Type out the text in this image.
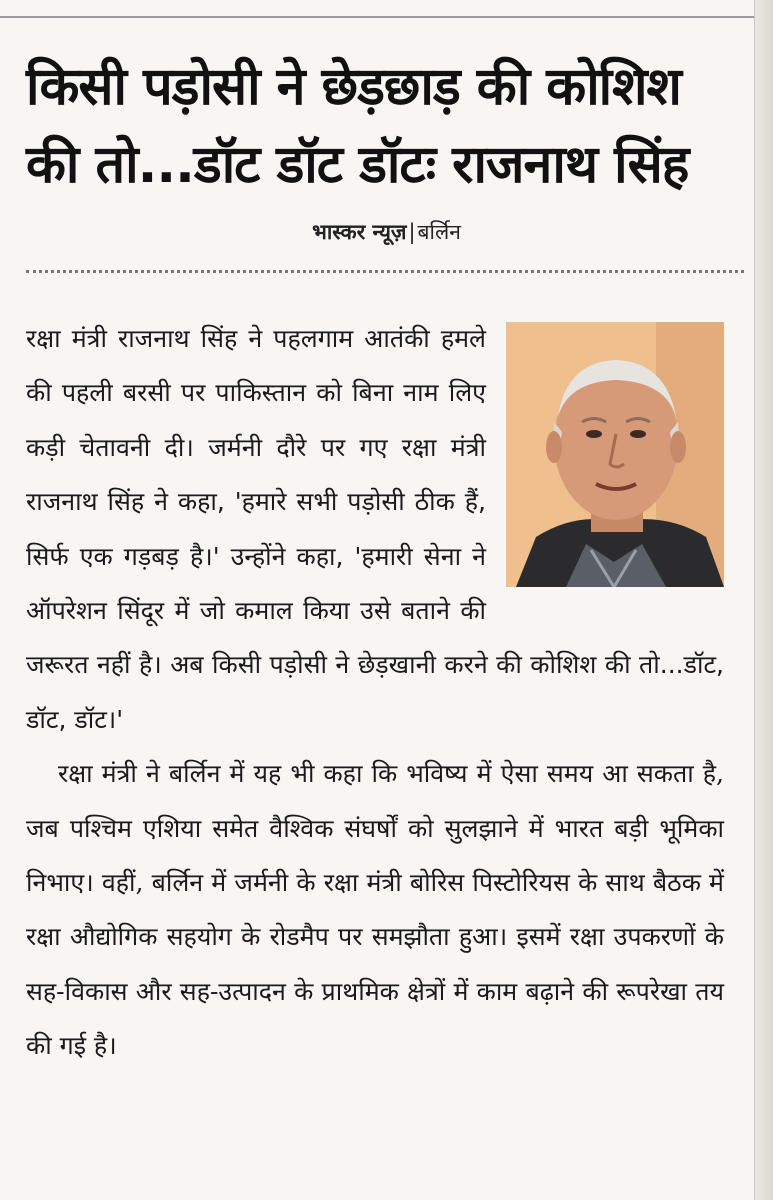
किसी पड़ोसी ने छेड़छाड़ की कोशिश की तो...डॉट डॉट डॉटः राजनाथ सिंह
भास्कर न्यूज़|बर्लिन

रक्षा मंत्री राजनाथ सिंह ने पहलगाम आतंकी हमले की पहली बरसी पर पाकिस्तान को बिना नाम लिए कड़ी चेतावनी दी। जर्मनी दौरे पर गए रक्षा मंत्री राजनाथ सिंह ने कहा, 'हमारे सभी पड़ोसी ठीक हैं, सिर्फ एक गड़बड़ है।' उन्होंने कहा, 'हमारी सेना ने ऑपरेशन सिंदूर में जो कमाल किया उसे बताने की जरूरत नहीं है। अब किसी पड़ोसी ने छेड़खानी करने की कोशिश की तो...डॉट, डॉट, डॉट।'

रक्षा मंत्री ने बर्लिन में यह भी कहा कि भविष्य में ऐसा समय आ सकता है, जब पश्चिम एशिया समेत वैश्विक संघर्षों को सुलझाने में भारत बड़ी भूमिका निभाए। वहीं, बर्लिन में जर्मनी के रक्षा मंत्री बोरिस पिस्टोरियस के साथ बैठक में रक्षा औद्योगिक सहयोग के रोडमैप पर समझौता हुआ। इसमें रक्षा उपकरणों के सह-विकास और सह-उत्पादन के प्राथमिक क्षेत्रों में काम बढ़ाने की रूपरेखा तय की गई है।
